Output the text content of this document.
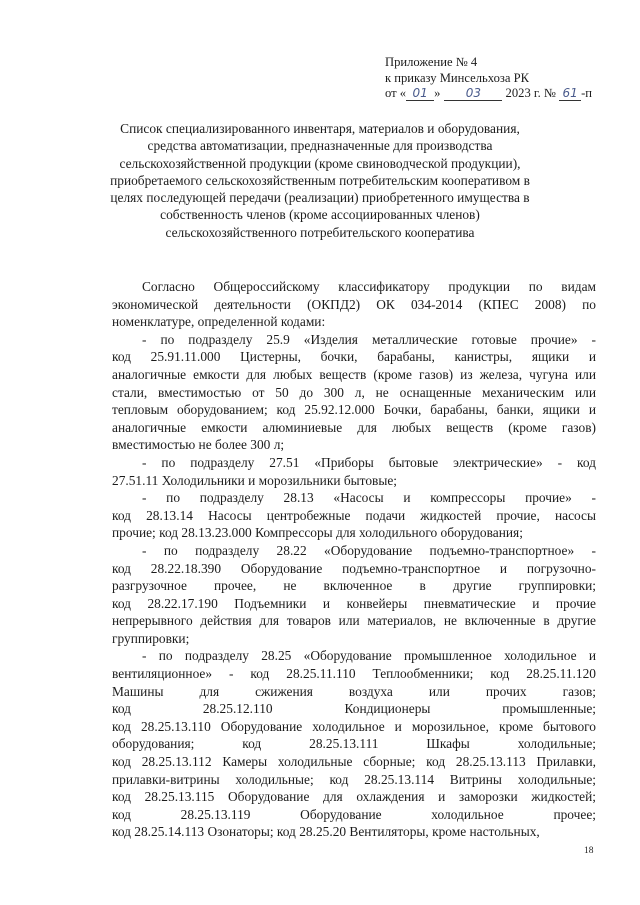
Приложение № 4
к приказу Минсельхоза РК
от « 01 » 03 2023 г. № 61 -п
Список специализированного инвентаря, материалов и оборудования,
средства автоматизации, предназначенные для производства
сельскохозяйственной продукции (кроме свиноводческой продукции),
приобретаемого сельскохозяйственным потребительским кооперативом в
целях последующей передачи (реализации) приобретенного имущества в
собственность членов (кроме ассоциированных членов)
сельскохозяйственного потребительского кооператива
Согласно Общероссийскому классификатору продукции по видам
экономической деятельности (ОКПД2) ОК 034-2014 (КПЕС 2008) по
номенклатуре, определенной кодами:
- по подразделу 25.9 «Изделия металлические готовые прочие» -
код 25.91.11.000 Цистерны, бочки, барабаны, канистры, ящики и
аналогичные емкости для любых веществ (кроме газов) из железа, чугуна или
стали, вместимостью от 50 до 300 л, не оснащенные механическим или
тепловым оборудованием; код 25.92.12.000 Бочки, барабаны, банки, ящики и
аналогичные емкости алюминиевые для любых веществ (кроме газов)
вместимостью не более 300 л;
- по подразделу 27.51 «Приборы бытовые электрические» - код
27.51.11 Холодильники и морозильники бытовые;
- по подразделу 28.13 «Насосы и компрессоры прочие» -
код 28.13.14 Насосы центробежные подачи жидкостей прочие, насосы
прочие; код 28.13.23.000 Компрессоры для холодильного оборудования;
- по подразделу 28.22 «Оборудование подъемно-транспортное» -
код 28.22.18.390 Оборудование подъемно-транспортное и погрузочно-
разгрузочное прочее, не включенное в другие группировки;
код 28.22.17.190 Подъемники и конвейеры пневматические и прочие
непрерывного действия для товаров или материалов, не включенные в другие
группировки;
- по подразделу 28.25 «Оборудование промышленное холодильное и
вентиляционное» - код 28.25.11.110 Теплообменники; код 28.25.11.120
Машины для сжижения воздуха или прочих газов;
код 28.25.12.110 Кондиционеры промышленные;
код 28.25.13.110 Оборудование холодильное и морозильное, кроме бытового
оборудования; код 28.25.13.111 Шкафы холодильные;
код 28.25.13.112 Камеры холодильные сборные; код 28.25.13.113 Прилавки,
прилавки-витрины холодильные; код 28.25.13.114 Витрины холодильные;
код 28.25.13.115 Оборудование для охлаждения и заморозки жидкостей;
код 28.25.13.119 Оборудование холодильное прочее;
код 28.25.14.113 Озонаторы; код 28.25.20 Вентиляторы, кроме настольных,
18
